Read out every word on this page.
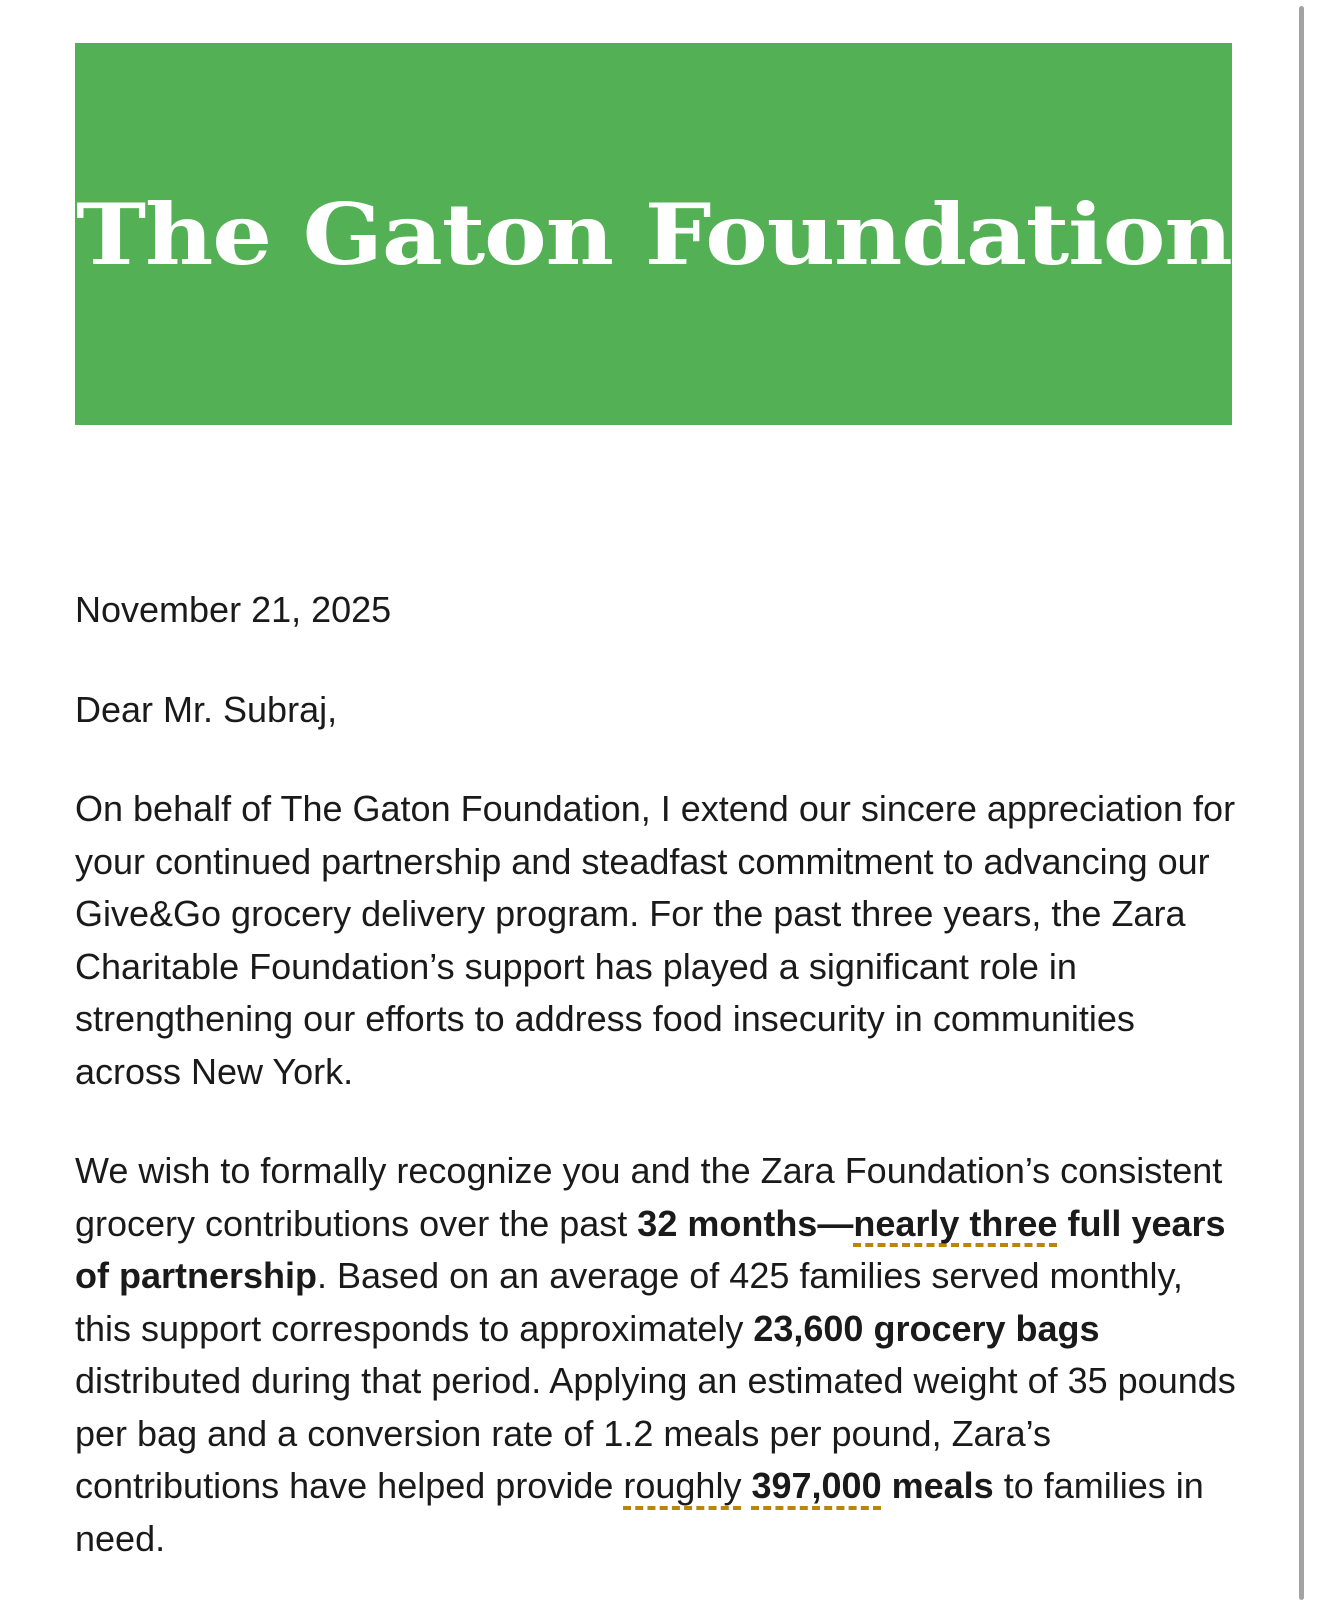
The Gaton Foundation

November 21, 2025

Dear Mr. Subraj,

On behalf of The Gaton Foundation, I extend our sincere appreciation for your continued partnership and steadfast commitment to advancing our Give&Go grocery delivery program. For the past three years, the Zara Charitable Foundation’s support has played a significant role in strengthening our efforts to address food insecurity in communities across New York.

We wish to formally recognize you and the Zara Foundation’s consistent grocery contributions over the past 32 months—nearly three full years of partnership. Based on an average of 425 families served monthly, this support corresponds to approximately 23,600 grocery bags distributed during that period. Applying an estimated weight of 35 pounds per bag and a conversion rate of 1.2 meals per pound, Zara’s contributions have helped provide roughly 397,000 meals to families in need.
